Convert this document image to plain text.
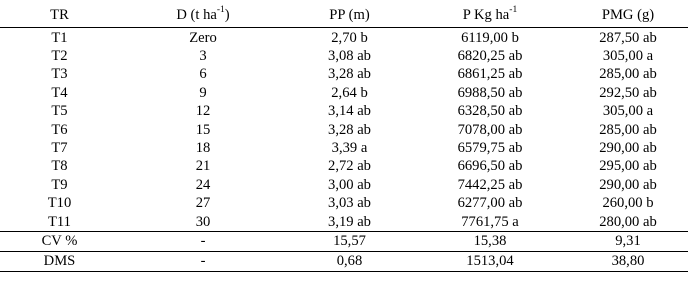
TR	D (t $ha^{-1}$)	PP (m)	P Kg $ha^{-1}$	PMG (g)
T1	Zero	2,70 b	6119,00 b	287,50 ab
T2	3	3,08 ab	6820,25 ab	305,00 a
T3	6	3,28 ab	6861,25 ab	285,00 ab
T4	9	2,64 b	6988,50 ab	292,50 ab
T5	12	3,14 ab	6328,50 ab	305,00 a
T6	15	3,28 ab	7078,00 ab	285,00 ab
T7	18	3,39 a	6579,75 ab	290,00 ab
T8	21	2,72 ab	6696,50 ab	295,00 ab
T9	24	3,00 ab	7442,25 ab	290,00 ab
T10	27	3,03 ab	6277,00 ab	260,00 b
T11	30	3,19 ab	7761,75 a	280,00 ab
CV %	-	15,57	15,38	9,31
DMS	-	0,68	1513,04	38,80
